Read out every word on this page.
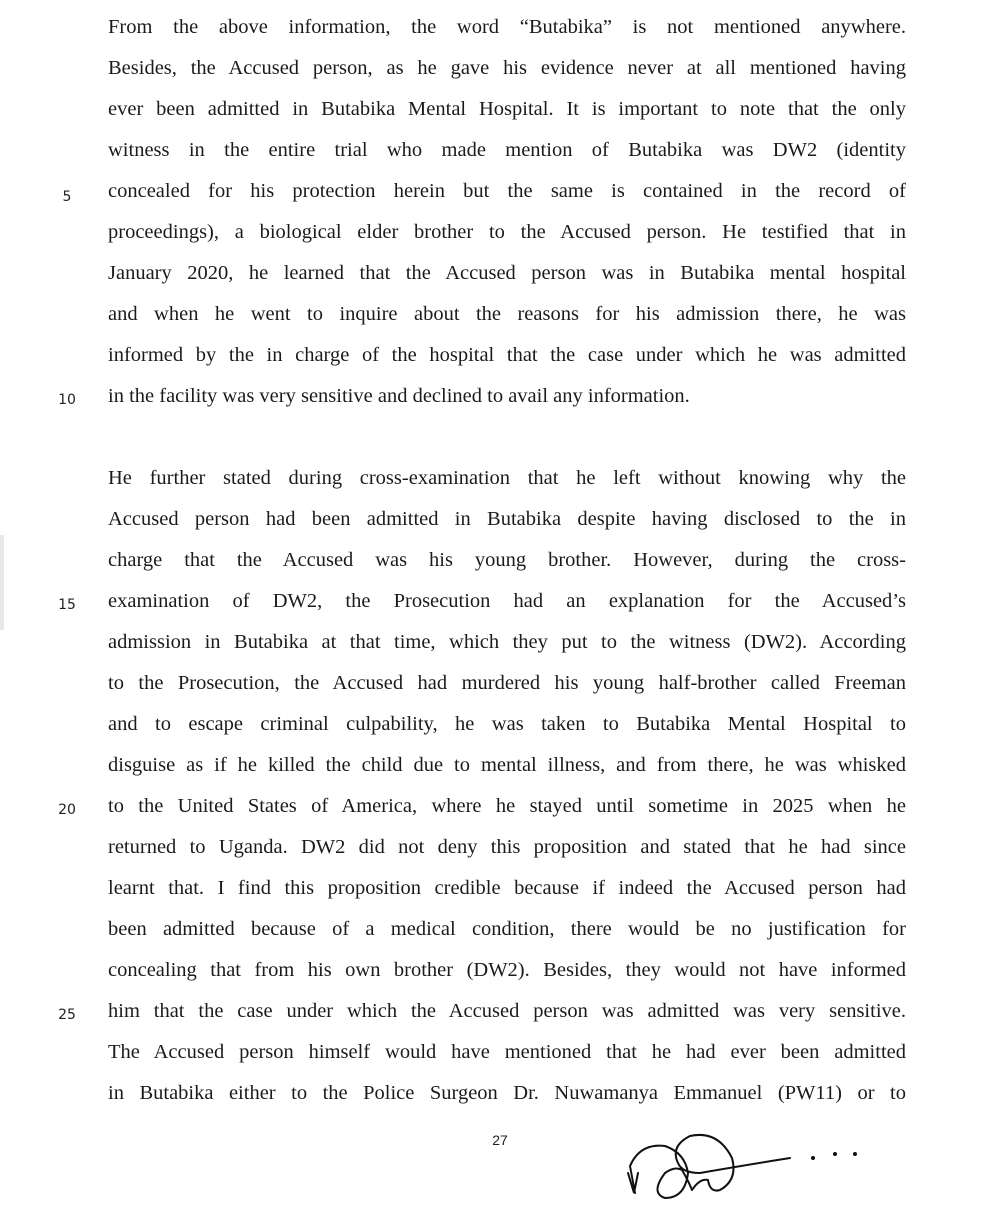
From the above information, the word “Butabika” is not mentioned anywhere.
Besides, the Accused person, as he gave his evidence never at all mentioned having
ever been admitted in Butabika Mental Hospital. It is important to note that the only
witness in the entire trial who made mention of Butabika was DW2 (identity
concealed for his protection herein but the same is contained in the record of
proceedings), a biological elder brother to the Accused person. He testified that in
January 2020, he learned that the Accused person was in Butabika mental hospital
and when he went to inquire about the reasons for his admission there, he was
informed by the in charge of the hospital that the case under which he was admitted
in the facility was very sensitive and declined to avail any information.
He further stated during cross-examination that he left without knowing why the
Accused person had been admitted in Butabika despite having disclosed to the in
charge that the Accused was his young brother. However, during the cross-
examination of DW2, the Prosecution had an explanation for the Accused’s
admission in Butabika at that time, which they put to the witness (DW2). According
to the Prosecution, the Accused had murdered his young half-brother called Freeman
and to escape criminal culpability, he was taken to Butabika Mental Hospital to
disguise as if he killed the child due to mental illness, and from there, he was whisked
to the United States of America, where he stayed until sometime in 2025 when he
returned to Uganda. DW2 did not deny this proposition and stated that he had since
learnt that. I find this proposition credible because if indeed the Accused person had
been admitted because of a medical condition, there would be no justification for
concealing that from his own brother (DW2). Besides, they would not have informed
him that the case under which the Accused person was admitted was very sensitive.
The Accused person himself would have mentioned that he had ever been admitted
in Butabika either to the Police Surgeon Dr. Nuwamanya Emmanuel (PW11) or to
5
10
15
20
25
27
